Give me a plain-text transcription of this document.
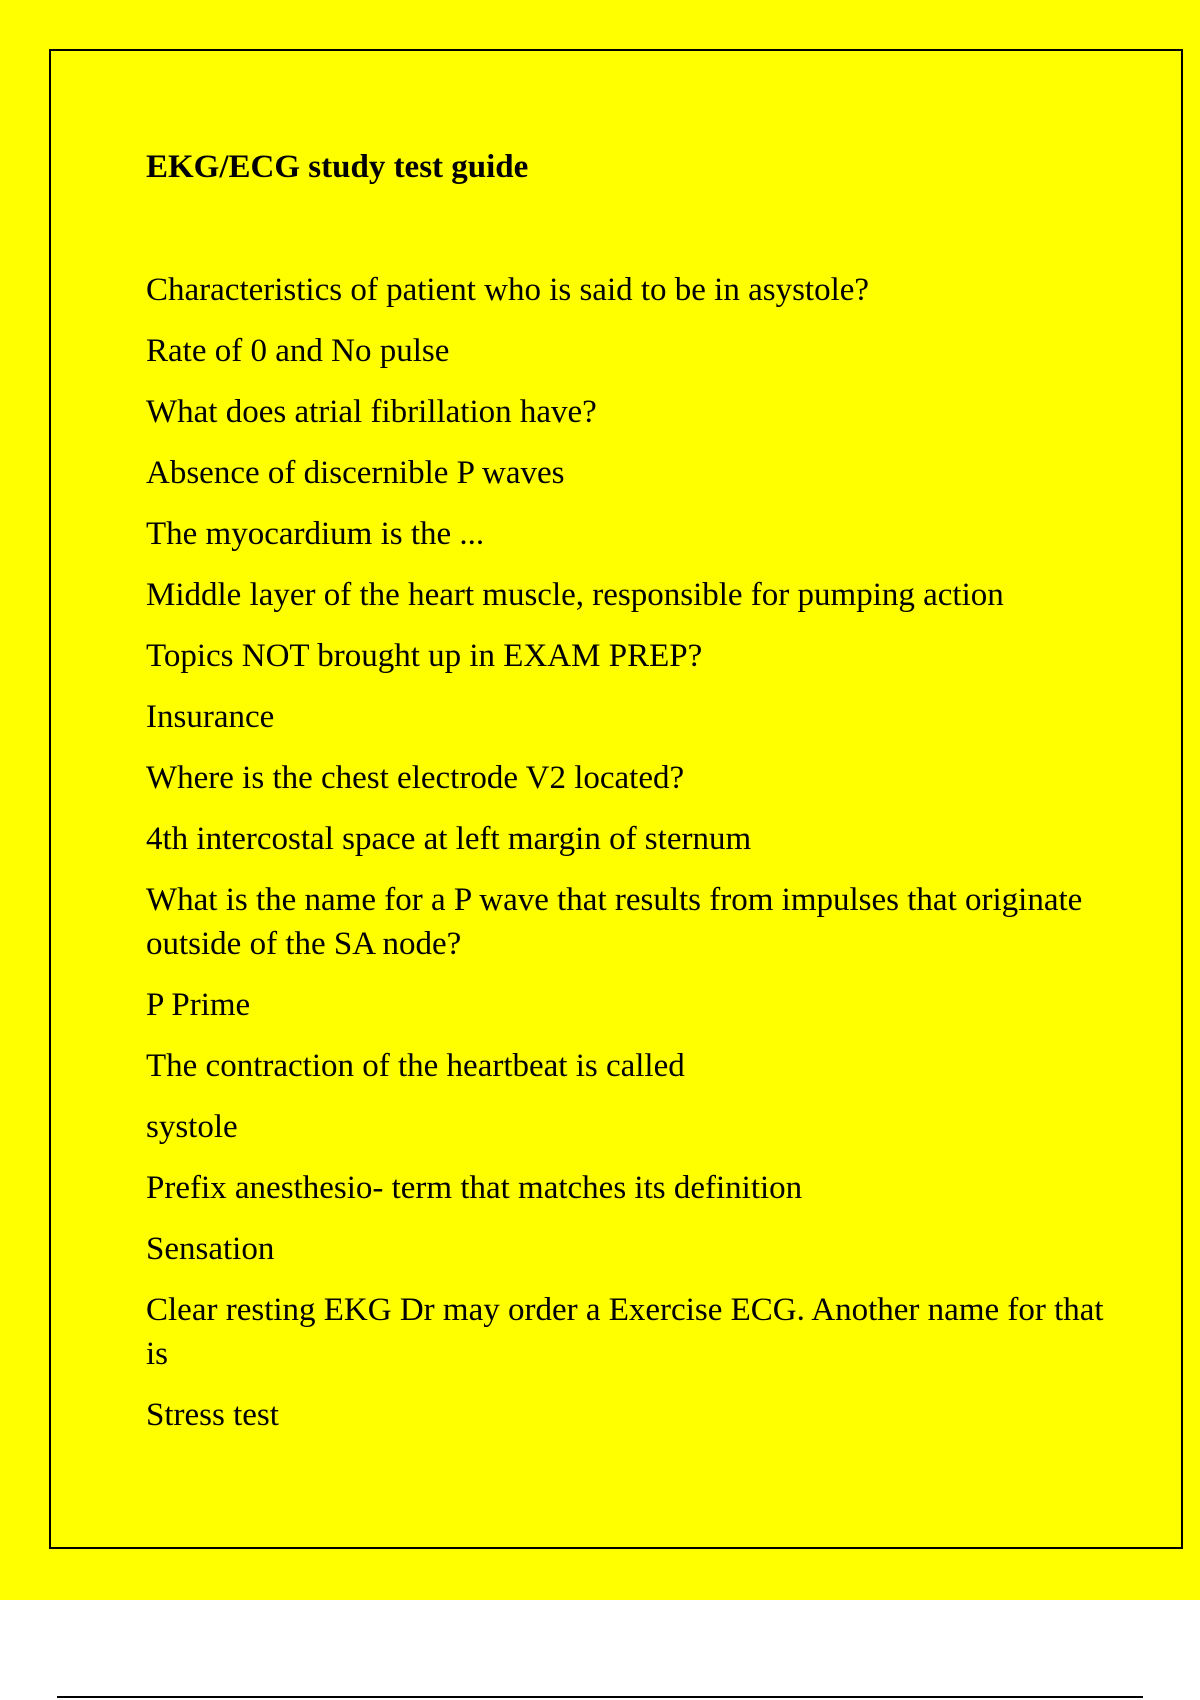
EKG/ECG study test guide
Characteristics of patient who is said to be in asystole?
Rate of 0 and No pulse
What does atrial fibrillation have?
Absence of discernible P waves
The myocardium is the ...
Middle layer of the heart muscle, responsible for pumping action
Topics NOT brought up in EXAM PREP?
Insurance
Where is the chest electrode V2 located?
4th intercostal space at left margin of sternum
What is the name for a P wave that results from impulses that originate outside of the SA node?
P Prime
The contraction of the heartbeat is called
systole
Prefix anesthesio- term that matches its definition
Sensation
Clear resting EKG Dr may order a Exercise ECG. Another name for that is
Stress test
